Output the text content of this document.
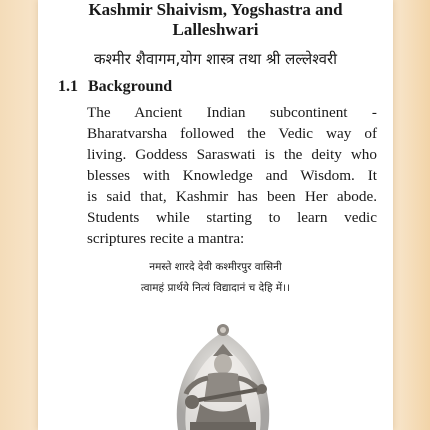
Kashmir Shaivism, Yogshastra and
Lalleshwari
कश्मीर शैवागम,योग शास्त्र तथा श्री लल्लेश्वरी
1.1 Background
The Ancient Indian subcontinent -
Bharatvarsha followed the Vedic way of
living. Goddess Saraswati is the deity who
blesses with Knowledge and Wisdom. It
is said that, Kashmir has been Her abode.
Students while starting to learn vedic
scriptures recite a mantra:
नमस्ते शारदे देवी कश्मीरपुर वासिनी
त्वामहं प्रार्थये नित्यं विद्यादानं च देहि में।।
